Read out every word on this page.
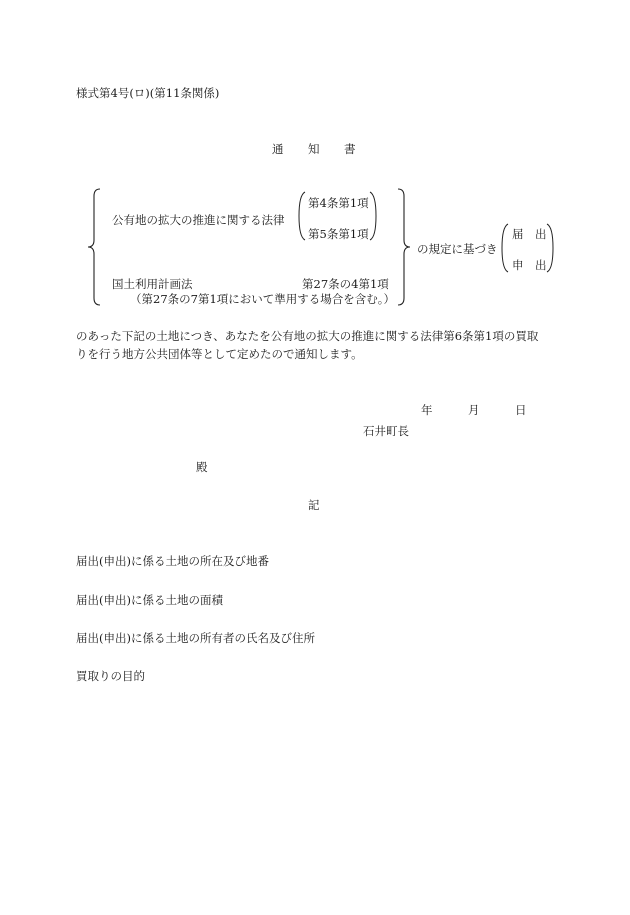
様式第4号(ロ)(第11条関係)
通 知 書
公有地の拡大の推進に関する法律
第4条第1項
第5条第1項
国土利用計画法	第27条の4第1項
（第27条の7第1項において準用する場合を含む。）
の規定に基づき
届　出
申　出
のあった下記の土地につき、あなたを公有地の拡大の推進に関する法律第6条第1項の買取
りを行う地方公共団体等として定めたので通知します。
年	月	日
石井町長
殿
記
届出(申出)に係る土地の所在及び地番
届出(申出)に係る土地の面積
届出(申出)に係る土地の所有者の氏名及び住所
買取りの目的
